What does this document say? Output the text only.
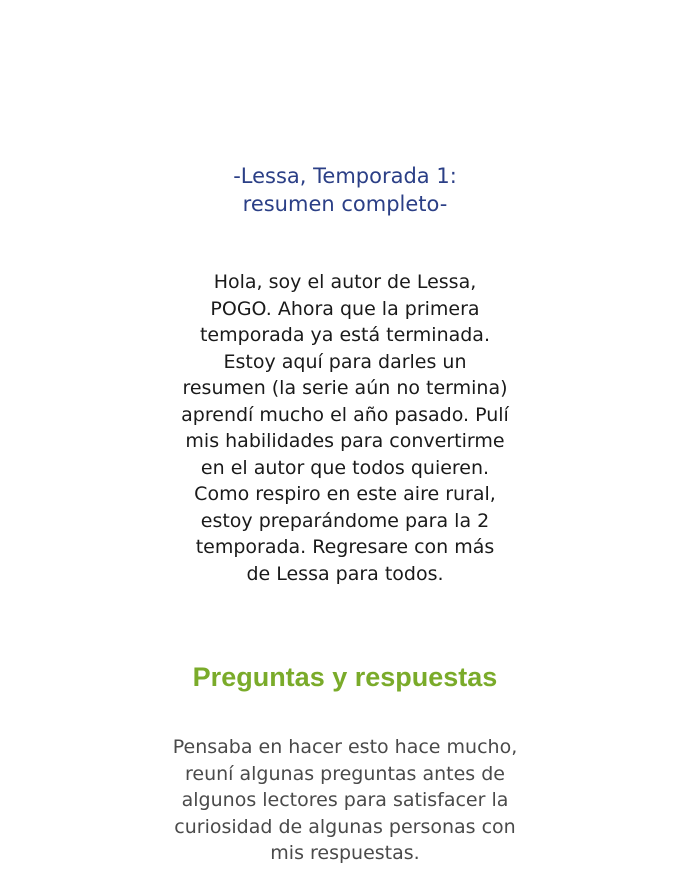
-Lessa, Temporada 1:
resumen completo-
Hola, soy el autor de Lessa,
POGO. Ahora que la primera
temporada ya está terminada.
Estoy aquí para darles un
resumen (la serie aún no termina)
aprendí mucho el año pasado. Pulí
mis habilidades para convertirme
en el autor que todos quieren.
Como respiro en este aire rural,
estoy preparándome para la 2
temporada. Regresare con más
de Lessa para todos.
Preguntas y respuestas
Pensaba en hacer esto hace mucho,
reuní algunas preguntas antes de
algunos lectores para satisfacer la
curiosidad de algunas personas con
mis respuestas.
